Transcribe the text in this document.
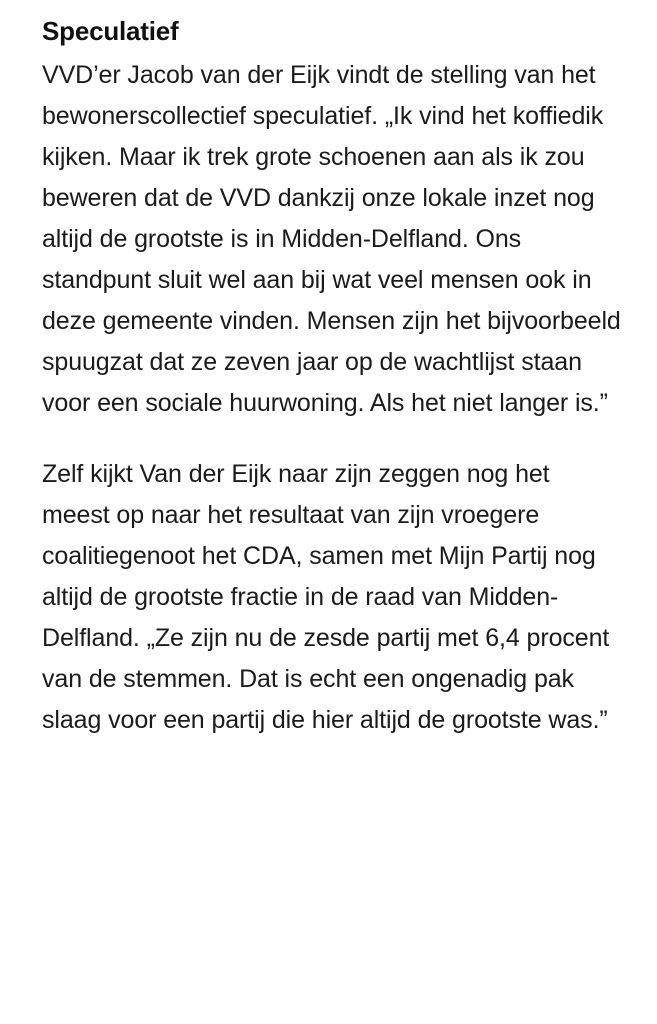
Speculatief

VVD’er Jacob van der Eijk vindt de stelling van het bewonerscollectief speculatief. „Ik vind het koffiedik kijken. Maar ik trek grote schoenen aan als ik zou beweren dat de VVD dankzij onze lokale inzet nog altijd de grootste is in Midden-Delfland. Ons standpunt sluit wel aan bij wat veel mensen ook in deze gemeente vinden. Mensen zijn het bijvoorbeeld spuugzat dat ze zeven jaar op de wachtlijst staan voor een sociale huurwoning. Als het niet langer is.”

Zelf kijkt Van der Eijk naar zijn zeggen nog het meest op naar het resultaat van zijn vroegere coalitiegenoot het CDA, samen met Mijn Partij nog altijd de grootste fractie in de raad van Midden-Delfland. „Ze zijn nu de zesde partij met 6,4 procent van de stemmen. Dat is echt een ongenadig pak slaag voor een partij die hier altijd de grootste was.”
